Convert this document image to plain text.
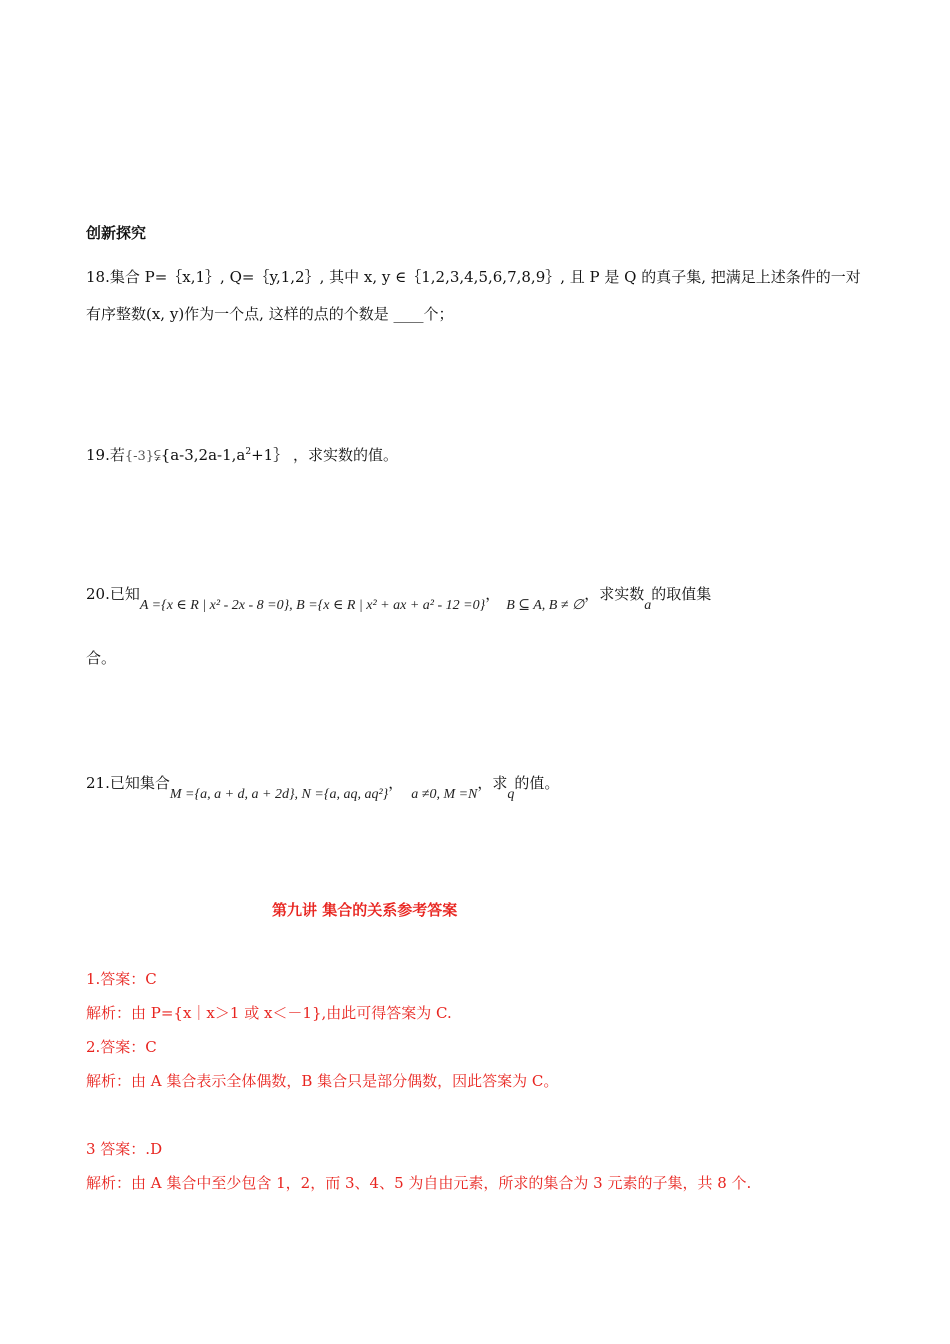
创新探究
18.集合 P=｛x,1｝, Q=｛y,1,2｝, 其中 x, y ∈｛1,2,3,4,5,6,7,8,9｝, 且 P 是 Q 的真子集, 把满足上述条件的一对
有序整数(x, y)作为一个点, 这样的点的个数是 ____个；
19.若$\{-3\}⫋\{a-3,2a-1,a^2+1\}$ ，求实数的值。
20.已知A ={x ∈ R | x² - 2x - 8 =0}, B ={x ∈ R | x² + ax + a² - 12 =0}，B ⊆ A, B ≠ ∅，求实数a的取值集
合。
21.已知集合M ={a, a + d, a + 2d}, N ={a, aq, aq²}，a ≠0, M =N，求q的值。
第九讲 集合的关系参考答案
1.答案：C
解析：由 P={x｜x＞1 或 x＜－1},由此可得答案为 C.
2.答案：C
解析：由 A 集合表示全体偶数，B 集合只是部分偶数，因此答案为 C。
3 答案：.D
解析：由 A 集合中至少包含 1，2，而 3、4、5 为自由元素，所求的集合为 3 元素的子集，共 8 个.
